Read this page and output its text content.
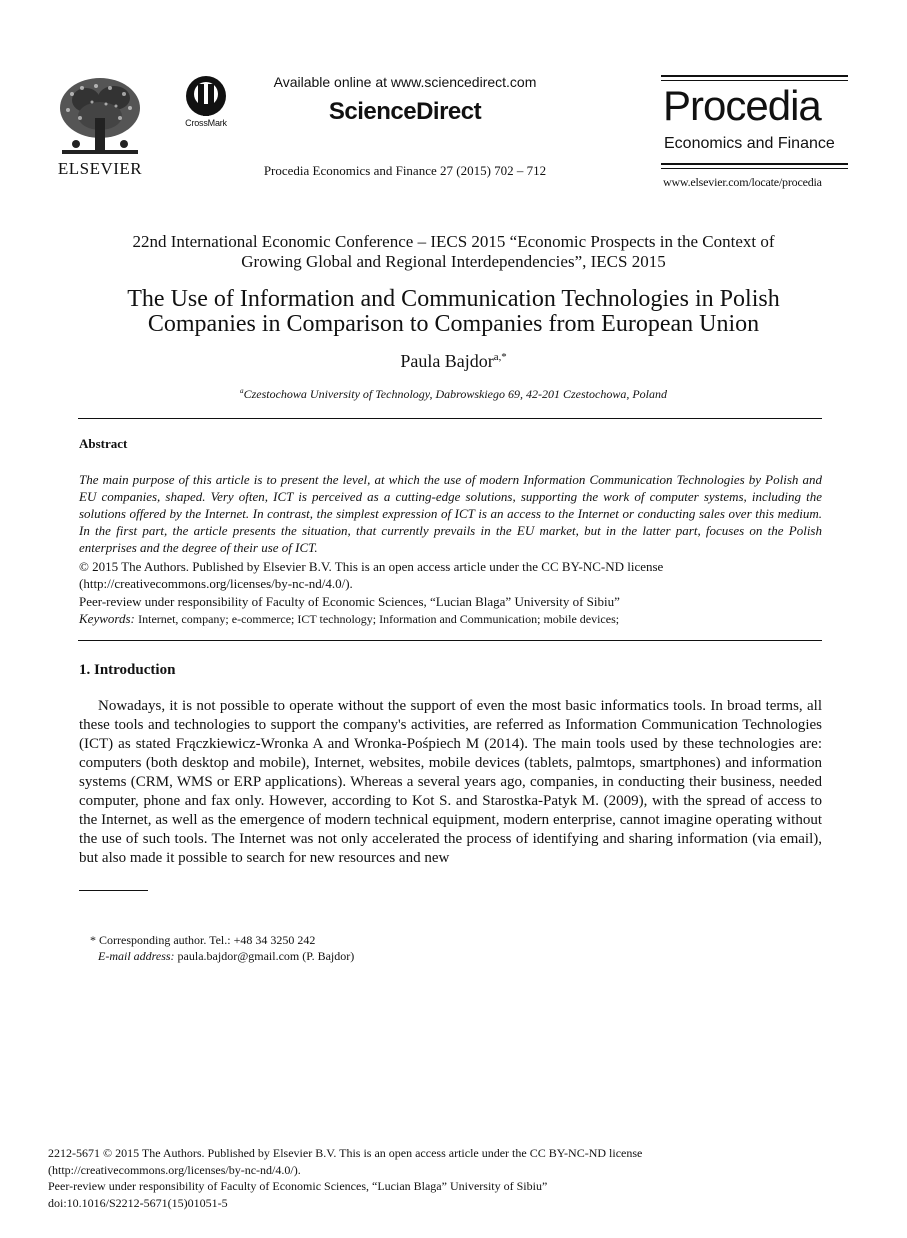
ELSEVIER
CrossMark
Available online at www.sciencedirect.com
ScienceDirect
Procedia Economics and Finance 27 (2015) 702 – 712
Procedia
Economics and Finance
www.elsevier.com/locate/procedia
22nd International Economic Conference – IECS 2015 “Economic Prospects in the Context of
Growing Global and Regional Interdependencies”, IECS 2015
The Use of Information and Communication Technologies in Polish
Companies in Comparison to Companies from European Union
Paula Bajdor$^{a,*}$
$^a$Czestochowa University of Technology, Dabrowskiego 69, 42-201 Czestochowa, Poland
Abstract
The main purpose of this article is to present the level, at which the use of modern Information Communication Technologies by Polish and EU companies, shaped. Very often, ICT is perceived as a cutting-edge solutions, supporting the work of computer systems, including the solutions offered by the Internet. In contrast, the simplest expression of ICT is an access to the Internet or conducting sales over this medium. In the first part, the article presents the situation, that currently prevails in the EU market, but in the latter part, focuses on the Polish enterprises and the degree of their use of ICT.
© 2015 The Authors. Published by Elsevier B.V. This is an open access article under the CC BY-NC-ND license
(http://creativecommons.org/licenses/by-nc-nd/4.0/).
Peer-review under responsibility of Faculty of Economic Sciences, “Lucian Blaga” University of Sibiu”
Keywords: Internet, company; e-commerce; ICT technology; Information and Communication; mobile devices;
1. Introduction
Nowadays, it is not possible to operate without the support of even the most basic informatics tools. In broad terms, all these tools and technologies to support the company's activities, are referred as Information Communication Technologies (ICT) as stated Frączkiewicz-Wronka A and Wronka-Pośpiech M (2014). The main tools used by these technologies are: computers (both desktop and mobile), Internet, websites, mobile devices (tablets, palmtops, smartphones) and information systems (CRM, WMS or ERP applications). Whereas a several years ago, companies, in conducting their business, needed computer, phone and fax only. However, according to Kot S. and Starostka-Patyk M. (2009), with the spread of access to the Internet, as well as the emergence of modern technical equipment, modern enterprise, cannot imagine operating without the use of such tools. The Internet was not only accelerated the process of identifying and sharing information (via email), but also made it possible to search for new resources and new
* Corresponding author. Tel.: +48 34 3250 242
E-mail address: paula.bajdor@gmail.com (P. Bajdor)
2212-5671 © 2015 The Authors. Published by Elsevier B.V. This is an open access article under the CC BY-NC-ND license
(http://creativecommons.org/licenses/by-nc-nd/4.0/).
Peer-review under responsibility of Faculty of Economic Sciences, “Lucian Blaga” University of Sibiu”
doi:10.1016/S2212-5671(15)01051-5
